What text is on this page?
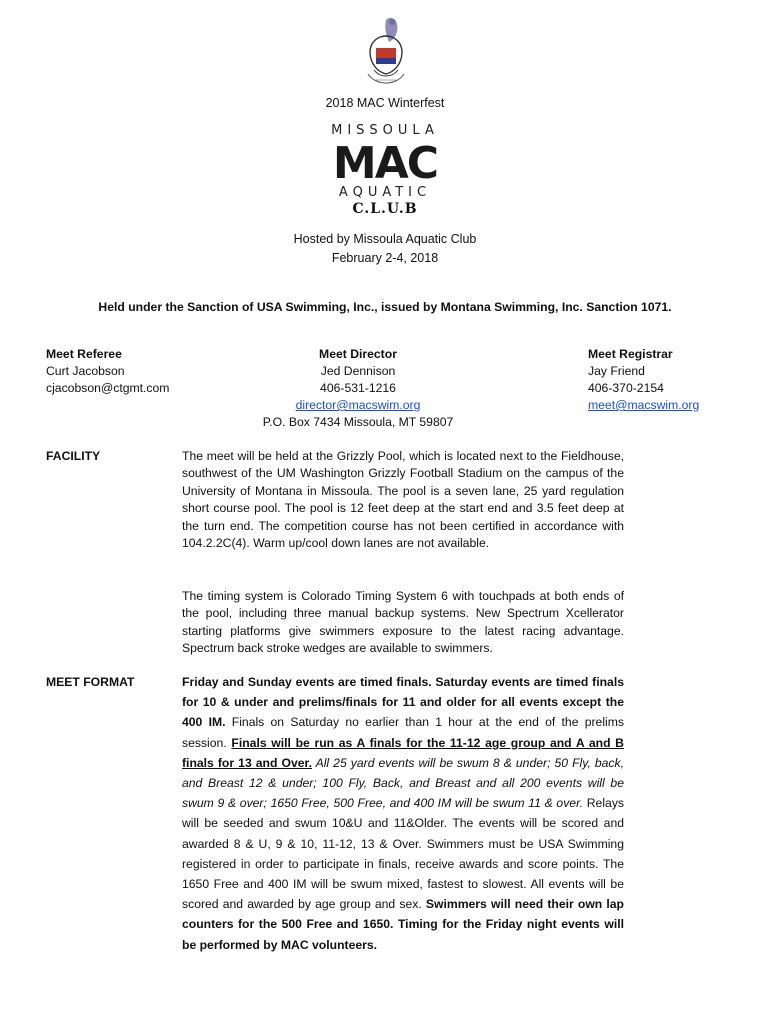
2018 MAC Winterfest
MISSOULA
MAC
AQUATIC
C.L.U.B
Hosted by Missoula Aquatic Club
February 2-4, 2018
Held under the Sanction of USA Swimming, Inc., issued by Montana Swimming, Inc. Sanction 1071.
Meet Referee
Curt Jacobson
cjacobson@ctgmt.com
Meet Director
Jed Dennison
406-531-1216
director@macswim.org
P.O. Box 7434 Missoula, MT 59807
Meet Registrar
Jay Friend
406-370-2154
meet@macswim.org
FACILITY	The meet will be held at the Grizzly Pool, which is located next to the Fieldhouse, southwest of the UM Washington Grizzly Football Stadium on the campus of the University of Montana in Missoula. The pool is a seven lane, 25 yard regulation short course pool. The pool is 12 feet deep at the start end and 3.5 feet deep at the turn end. The competition course has not been certified in accordance with 104.2.2C(4). Warm up/cool down lanes are not available.
The timing system is Colorado Timing System 6 with touchpads at both ends of the pool, including three manual backup systems. New Spectrum Xcellerator starting platforms give swimmers exposure to the latest racing advantage. Spectrum back stroke wedges are available to swimmers.
MEET FORMAT	Friday and Sunday events are timed finals. Saturday events are timed finals for 10 & under and prelims/finals for 11 and older for all events except the 400 IM. Finals on Saturday no earlier than 1 hour at the end of the prelims session. Finals will be run as A finals for the 11-12 age group and A and B finals for 13 and Over. All 25 yard events will be swum 8 & under; 50 Fly, back, and Breast 12 & under; 100 Fly, Back, and Breast and all 200 events will be swum 9 & over; 1650 Free, 500 Free, and 400 IM will be swum 11 & over. Relays will be seeded and swum 10&U and 11&Older. The events will be scored and awarded 8 & U, 9 & 10, 11-12, 13 & Over. Swimmers must be USA Swimming registered in order to participate in finals, receive awards and score points. The 1650 Free and 400 IM will be swum mixed, fastest to slowest. All events will be scored and awarded by age group and sex. Swimmers will need their own lap counters for the 500 Free and 1650. Timing for the Friday night events will be performed by MAC volunteers.
